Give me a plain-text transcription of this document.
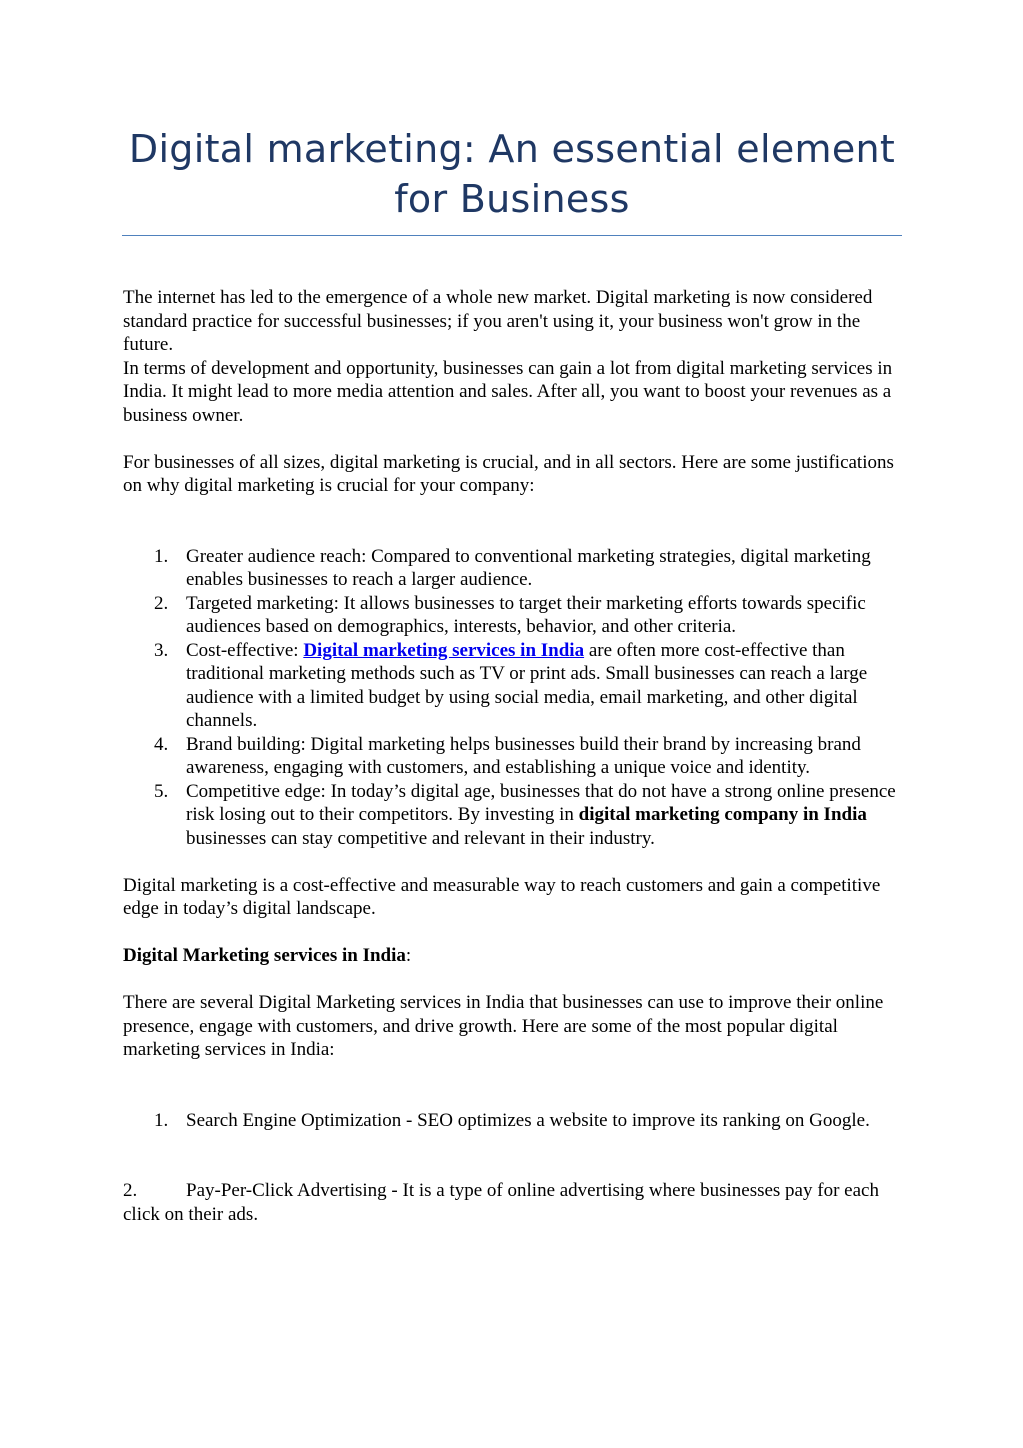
Digital marketing: An essential element for Business

The internet has led to the emergence of a whole new market. Digital marketing is now considered standard practice for successful businesses; if you aren't using it, your business won't grow in the future.

In terms of development and opportunity, businesses can gain a lot from digital marketing services in India. It might lead to more media attention and sales. After all, you want to boost your revenues as a business owner.

For businesses of all sizes, digital marketing is crucial, and in all sectors. Here are some justifications on why digital marketing is crucial for your company:

1. Greater audience reach: Compared to conventional marketing strategies, digital marketing enables businesses to reach a larger audience.
2. Targeted marketing: It allows businesses to target their marketing efforts towards specific audiences based on demographics, interests, behavior, and other criteria.
3. Cost-effective: Digital marketing services in India are often more cost-effective than traditional marketing methods such as TV or print ads. Small businesses can reach a large audience with a limited budget by using social media, email marketing, and other digital channels.
4. Brand building: Digital marketing helps businesses build their brand by increasing brand awareness, engaging with customers, and establishing a unique voice and identity.
5. Competitive edge: In today’s digital age, businesses that do not have a strong online presence risk losing out to their competitors. By investing in digital marketing company in India businesses can stay competitive and relevant in their industry.

Digital marketing is a cost-effective and measurable way to reach customers and gain a competitive edge in today’s digital landscape.

Digital Marketing services in India:

There are several Digital Marketing services in India that businesses can use to improve their online presence, engage with customers, and drive growth. Here are some of the most popular digital marketing services in India:

1. Search Engine Optimization - SEO optimizes a website to improve its ranking on Google.

2.	Pay-Per-Click Advertising - It is a type of online advertising where businesses pay for each click on their ads.
